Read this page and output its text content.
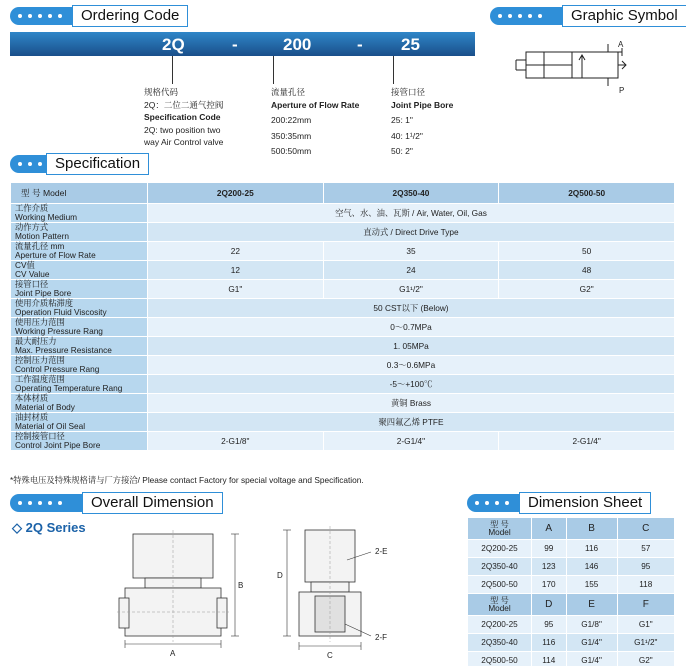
Ordering Code
2Q	-	200	- 25
规格代码
2Q：二位二通气控阀
Specification Code
2Q: two position two
way Air Control valve
流量孔径
Aperture of Flow Rate
200:22mm
350:35mm
500:50mm
接管口径
Joint Pipe Bore
25: 1"
40: 1¹/2"
50: 2"
Graphic Symbol
A
P
Specification
型 号 Model	2Q200-25	2Q350-40	2Q500-50

工作介质
Working Medium	空气、水、油、瓦斯 / Air, Water, Oil, Gas		

动作方式
Motion Pattern	直动式 / Direct Drive Type		

流量孔径 mm
Aperture of Flow Rate	22	35	50

CV值
CV Value	12	24	48

接管口径
Joint Pipe Bore	G1"	G1¹/2"	G2"

使用介质粘滞度
Operation Fluid Viscosity	50 CST以下 (Below)		

使用压力范围
Working Pressure Rang	0～0.7MPa		

最大耐压力
Max. Pressure Resistance	1. 05MPa		

控制压力范围
Control Pressure Rang	0.3～0.6MPa		

工作温度范围
Operating Temperature Rang	-5～+100℃		

本体材质
Material of Body	黄铜 Brass		

油封材质
Material of Oil Seal	聚四氟乙烯 PTFE		

控制接管口径
Control Joint Pipe Bore	2-G1/8"	2-G1/4"	2-G1/4"
*特殊电压及特殊规格请与厂方接洽/ Please contact Factory for special voltage and Specification.
Overall Dimension
◇ 2Q Series
A
B
C
D
2-E
2-F
Dimension Sheet
型 号
Model	A	B	C
2Q200-25	99	116	57
2Q350-40	123	146	95
2Q500-50	170	155	118

型 号
Model	D	E	F
2Q200-25	95	G1/8"	G1"
2Q350-40	116	G1/4"	G1¹/2"
2Q500-50	114	G1/4"	G2"
